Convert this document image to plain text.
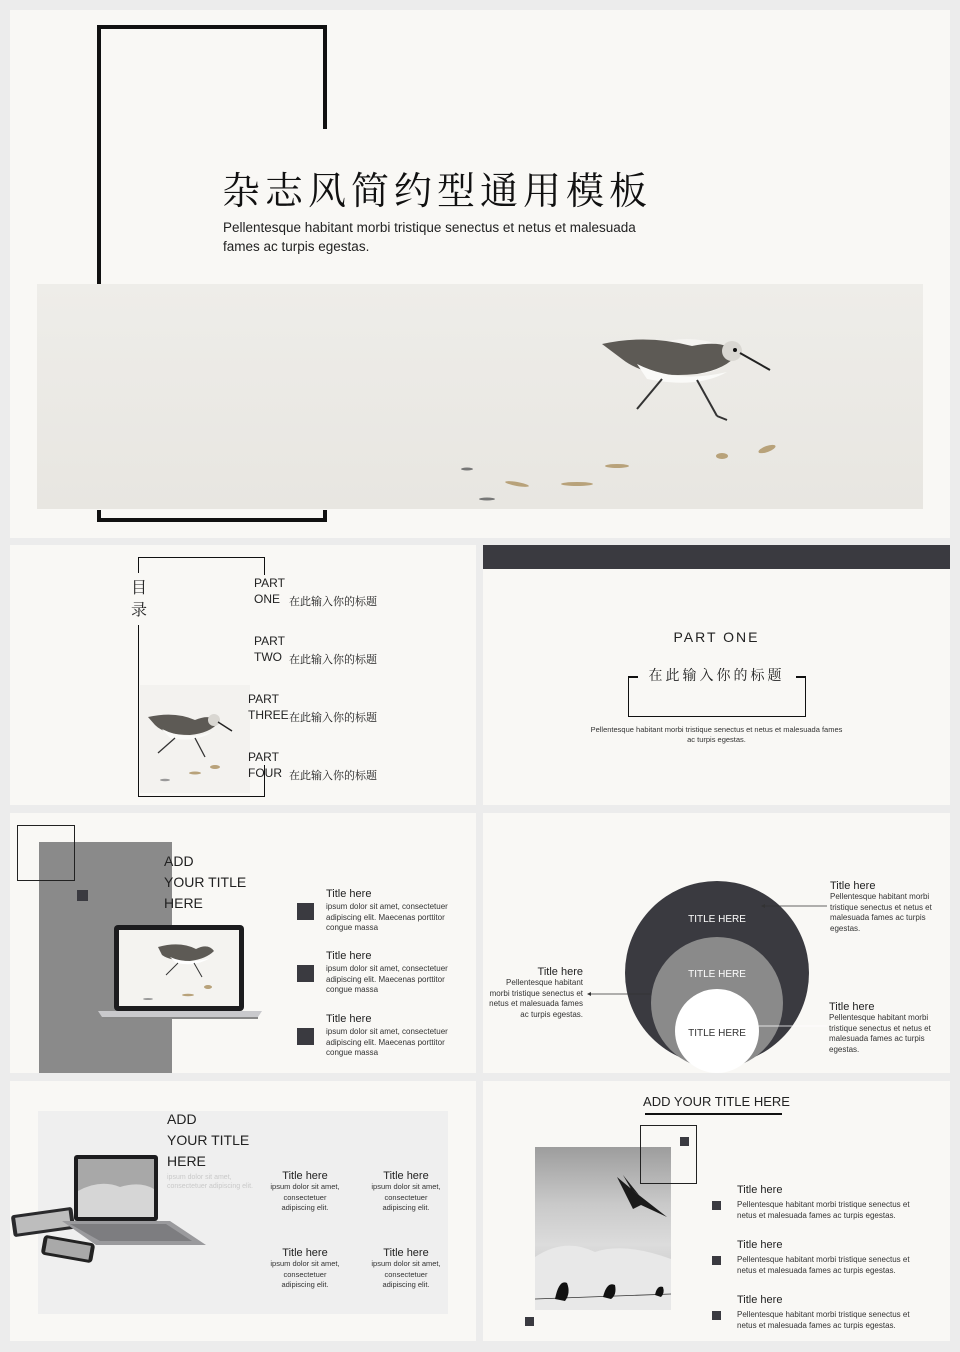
杂志风简约型通用模板
Pellentesque habitant morbi tristique senectus et netus et malesuada
fames ac turpis egestas.
目
录
PART
ONE 在此输入你的标题
PART
TWO 在此输入你的标题
PART
THREE 在此输入你的标题
PART
FOUR 在此输入你的标题
PART ONE
在此输入你的标题
Pellentesque habitant morbi tristique senectus et netus et malesuada fames
ac turpis egestas.
ADD
YOUR TITLE
HERE
Title here
ipsum dolor sit amet, consectetuer
adipiscing elit. Maecenas porttitor
congue massa
Title here
ipsum dolor sit amet, consectetuer
adipiscing elit. Maecenas porttitor
congue massa
Title here
ipsum dolor sit amet, consectetuer
adipiscing elit. Maecenas porttitor
congue massa
TITLE HERE
TITLE HERE
TITLE HERE
Title here
Pellentesque habitant morbi
tristique senectus et netus et
malesuada fames ac turpis
egestas.
Title here
Pellentesque habitant morbi
tristique senectus et netus et
malesuada fames ac turpis
egestas.
Title here
Pellentesque habitant
morbi tristique senectus et
netus et malesuada fames
ac turpis egestas.
ADD
YOUR TITLE
HERE
ipsum dolor sit amet,
consectetuer adipiscing elit.
Title here
ipsum dolor sit amet,
consectetuer
adipiscing elit.
Title here
ipsum dolor sit amet,
consectetuer
adipiscing elit.
Title here
ipsum dolor sit amet,
consectetuer
adipiscing elit.
Title here
ipsum dolor sit amet,
consectetuer
adipiscing elit.
ADD YOUR TITLE HERE
Title here
Pellentesque habitant morbi tristique senectus et
netus et malesuada fames ac turpis egestas.
Title here
Pellentesque habitant morbi tristique senectus et
netus et malesuada fames ac turpis egestas.
Title here
Pellentesque habitant morbi tristique senectus et
netus et malesuada fames ac turpis egestas.
